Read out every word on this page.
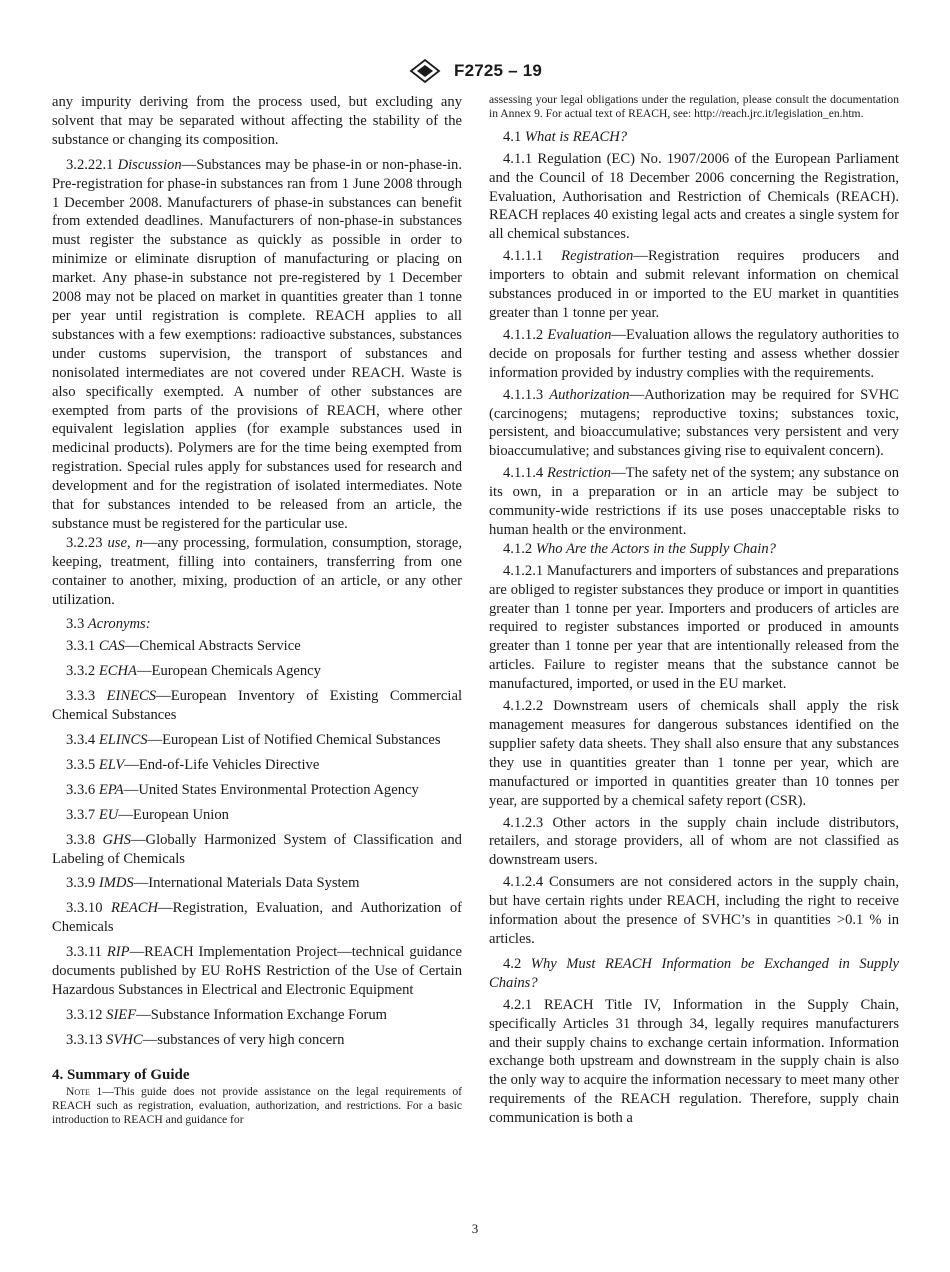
F2725 – 19

any impurity deriving from the process used, but excluding any solvent that may be separated without affecting the stability of the substance or changing its composition.

3.2.22.1 Discussion—Substances may be phase-in or non-phase-in. Pre-registration for phase-in substances ran from 1 June 2008 through 1 December 2008. Manufacturers of phase-in substances can benefit from extended deadlines. Manufacturers of non-phase-in substances must register the substance as quickly as possible in order to minimize or eliminate disruption of manufacturing or placing on market. Any phase-in substance not pre-registered by 1 December 2008 may not be placed on market in quantities greater than 1 tonne per year until registration is complete. REACH applies to all substances with a few exemptions: radioactive substances, substances under customs supervision, the transport of substances and nonisolated intermediates are not covered under REACH. Waste is also specifically exempted. A number of other substances are exempted from parts of the provisions of REACH, where other equivalent legislation applies (for example substances used in medicinal products). Polymers are for the time being exempted from registration. Special rules apply for substances used for research and development and for the registration of isolated intermediates. Note that for substances intended to be released from an article, the substance must be registered for the particular use.

3.2.23 use, n—any processing, formulation, consumption, storage, keeping, treatment, filling into containers, transferring from one container to another, mixing, production of an article, or any other utilization.

3.3 Acronyms:

3.3.1 CAS—Chemical Abstracts Service

3.3.2 ECHA—European Chemicals Agency

3.3.3 EINECS—European Inventory of Existing Commercial Chemical Substances

3.3.4 ELINCS—European List of Notified Chemical Substances

3.3.5 ELV—End-of-Life Vehicles Directive

3.3.6 EPA—United States Environmental Protection Agency

3.3.7 EU—European Union

3.3.8 GHS—Globally Harmonized System of Classification and Labeling of Chemicals

3.3.9 IMDS—International Materials Data System

3.3.10 REACH—Registration, Evaluation, and Authorization of Chemicals

3.3.11 RIP—REACH Implementation Project—technical guidance documents published by EU RoHS Restriction of the Use of Certain Hazardous Substances in Electrical and Electronic Equipment

3.3.12 SIEF—Substance Information Exchange Forum

3.3.13 SVHC—substances of very high concern

4. Summary of Guide

Note 1—This guide does not provide assistance on the legal requirements of REACH such as registration, evaluation, authorization, and restrictions. For a basic introduction to REACH and guidance for

assessing your legal obligations under the regulation, please consult the documentation in Annex 9. For actual text of REACH, see: http://reach.jrc.it/legislation_en.htm.

4.1 What is REACH?

4.1.1 Regulation (EC) No. 1907/2006 of the European Parliament and the Council of 18 December 2006 concerning the Registration, Evaluation, Authorisation and Restriction of Chemicals (REACH). REACH replaces 40 existing legal acts and creates a single system for all chemical substances.

4.1.1.1 Registration—Registration requires producers and importers to obtain and submit relevant information on chemical substances produced in or imported to the EU market in quantities greater than 1 tonne per year.

4.1.1.2 Evaluation—Evaluation allows the regulatory authorities to decide on proposals for further testing and assess whether dossier information provided by industry complies with the requirements.

4.1.1.3 Authorization—Authorization may be required for SVHC (carcinogens; mutagens; reproductive toxins; substances toxic, persistent, and bioaccumulative; substances very persistent and very bioaccumulative; and substances giving rise to equivalent concern).

4.1.1.4 Restriction—The safety net of the system; any substance on its own, in a preparation or in an article may be subject to community-wide restrictions if its use poses unacceptable risks to human health or the environment.

4.1.2 Who Are the Actors in the Supply Chain?

4.1.2.1 Manufacturers and importers of substances and preparations are obliged to register substances they produce or import in quantities greater than 1 tonne per year. Importers and producers of articles are required to register substances imported or produced in amounts greater than 1 tonne per year that are intentionally released from the articles. Failure to register means that the substance cannot be manufactured, imported, or used in the EU market.

4.1.2.2 Downstream users of chemicals shall apply the risk management measures for dangerous substances identified on the supplier safety data sheets. They shall also ensure that any substances they use in quantities greater than 1 tonne per year, which are manufactured or imported in quantities greater than 10 tonnes per year, are supported by a chemical safety report (CSR).

4.1.2.3 Other actors in the supply chain include distributors, retailers, and storage providers, all of whom are not classified as downstream users.

4.1.2.4 Consumers are not considered actors in the supply chain, but have certain rights under REACH, including the right to receive information about the presence of SVHC’s in quantities >0.1 % in articles.

4.2 Why Must REACH Information be Exchanged in Supply Chains?

4.2.1 REACH Title IV, Information in the Supply Chain, specifically Articles 31 through 34, legally requires manufacturers and their supply chains to exchange certain information. Information exchange both upstream and downstream in the supply chain is also the only way to acquire the information necessary to meet many other requirements of the REACH regulation. Therefore, supply chain communication is both a

3
